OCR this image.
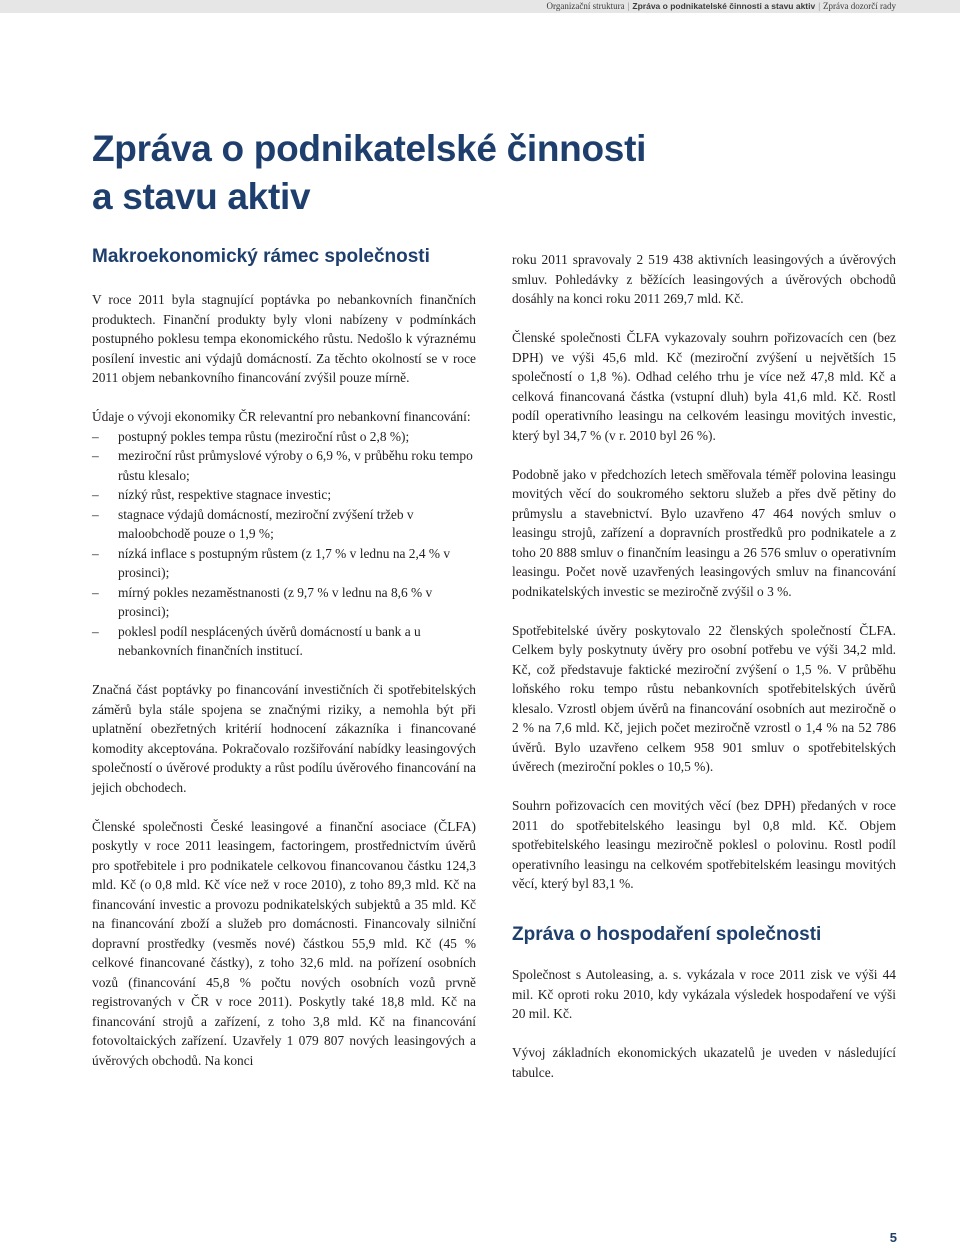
Organizační struktura | Zpráva o podnikatelské činnosti a stavu aktiv | Zpráva dozorčí rady
Zpráva o podnikatelské činnosti
a stavu aktiv
Makroekonomický rámec společnosti

V roce 2011 byla stagnující poptávka po nebankovních finančních produktech. Finanční produkty byly vloni nabízeny v podmínkách postupného poklesu tempa ekonomického růstu. Nedošlo k výraznému posílení investic ani výdajů domácností. Za těchto okolností se v roce 2011 objem nebankovního financování zvýšil pouze mírně.

Údaje o vývoji ekonomiky ČR relevantní pro nebankovní financování:

– postupný pokles tempa růstu (meziroční růst o 2,8 %);
– meziroční růst průmyslové výroby o 6,9 %, v průběhu roku tempo růstu klesalo;
– nízký růst, respektive stagnace investic;
– stagnace výdajů domácností, meziroční zvýšení tržeb v maloobchodě pouze o 1,9 %;
– nízká inflace s postupným růstem (z 1,7 % v lednu na 2,4 % v prosinci);
– mírný pokles nezaměstnanosti (z 9,7 % v lednu na 8,6 % v prosinci);
– poklesl podíl nesplácených úvěrů domácností u bank a u nebankovních finančních institucí.

Značná část poptávky po financování investičních či spotřebitelských záměrů byla stále spojena se značnými riziky, a nemohla být při uplatnění obezřetných kritérií hodnocení zákazníka i financované komodity akceptována. Pokračovalo rozšiřování nabídky leasingových společností o úvěrové produkty a růst podílu úvěrového financování na jejich obchodech.

Členské společnosti České leasingové a finanční asociace (ČLFA) poskytly v roce 2011 leasingem, factoringem, prostřednictvím úvěrů pro spotřebitele i pro podnikatele celkovou financovanou částku 124,3 mld. Kč (o 0,8 mld. Kč více než v roce 2010), z toho 89,3 mld. Kč na financování investic a provozu podnikatelských subjektů a 35 mld. Kč na financování zboží a služeb pro domácnosti. Financovaly silniční dopravní prostředky (vesměs nové) částkou 55,9 mld. Kč (45 % celkové financované částky), z toho 32,6 mld. na pořízení osobních vozů (financování 45,8 % počtu nových osobních vozů prvně registrovaných v ČR v roce 2011). Poskytly také 18,8 mld. Kč na financování strojů a zařízení, z toho 3,8 mld. Kč na financování fotovoltaických zařízení. Uzavřely 1 079 807 nových leasingových a úvěrových obchodů. Na konci

roku 2011 spravovaly 2 519 438 aktivních leasingových a úvěrových smluv. Pohledávky z běžících leasingových a úvěrových obchodů dosáhly na konci roku 2011 269,7 mld. Kč.

Členské společnosti ČLFA vykazovaly souhrn pořizovacích cen (bez DPH) ve výši 45,6 mld. Kč (meziroční zvýšení u největších 15 společností o 1,8 %). Odhad celého trhu je více než 47,8 mld. Kč a celková financovaná částka (vstupní dluh) byla 41,6 mld. Kč. Rostl podíl operativního leasingu na celkovém leasingu movitých investic, který byl 34,7 % (v r. 2010 byl 26 %).

Podobně jako v předchozích letech směřovala téměř polovina leasingu movitých věcí do soukromého sektoru služeb a přes dvě pětiny do průmyslu a stavebnictví. Bylo uzavřeno 47 464 nových smluv o leasingu strojů, zařízení a dopravních prostředků pro podnikatele a z toho 20 888 smluv o finančním leasingu a 26 576 smluv o operativním leasingu. Počet nově uzavřených leasingových smluv na financování podnikatelských investic se meziročně zvýšil o 3 %.

Spotřebitelské úvěry poskytovalo 22 členských společností ČLFA. Celkem byly poskytnuty úvěry pro osobní potřebu ve výši 34,2 mld. Kč, což představuje faktické meziroční zvýšení o 1,5 %. V průběhu loňského roku tempo růstu nebankovních spotřebitelských úvěrů klesalo. Vzrostl objem úvěrů na financování osobních aut meziročně o 2 % na 7,6 mld. Kč, jejich počet meziročně vzrostl o 1,4 % na 52 786 úvěrů. Bylo uzavřeno celkem 958 901 smluv o spotřebitelských úvěrech (meziroční pokles o 10,5 %).

Souhrn pořizovacích cen movitých věcí (bez DPH) předaných v roce 2011 do spotřebitelského leasingu byl 0,8 mld. Kč. Objem spotřebitelského leasingu meziročně poklesl o polovinu. Rostl podíl operativního leasingu na celkovém spotřebitelském leasingu movitých věcí, který byl 83,1 %.

Zpráva o hospodaření společnosti

Společnost s Autoleasing, a. s. vykázala v roce 2011 zisk ve výši 44 mil. Kč oproti roku 2010, kdy vykázala výsledek hospodaření ve výši 20 mil. Kč.

Vývoj základních ekonomických ukazatelů je uveden v následující tabulce.

5
